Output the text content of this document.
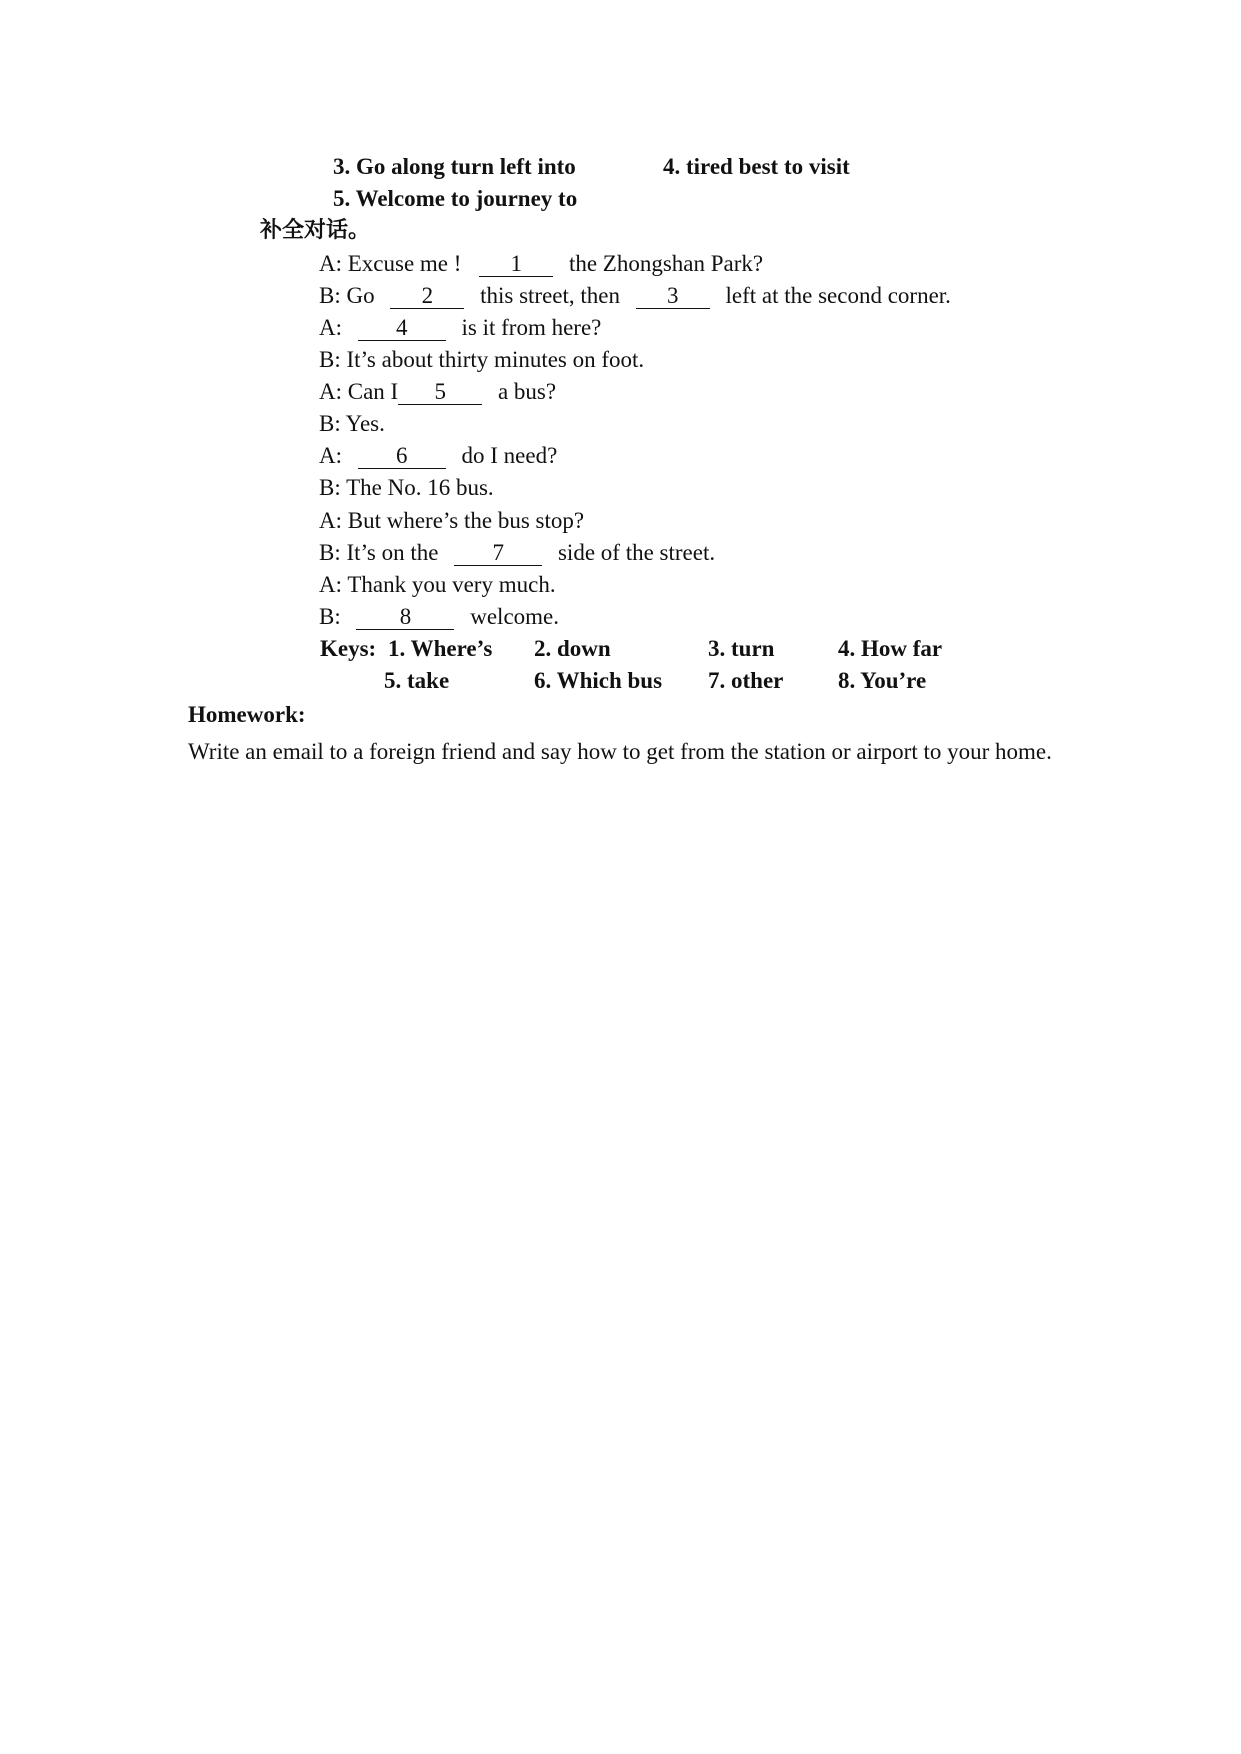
3. Go along turn left into	4. tired best to visit
5. Welcome to journey to
补全对话。
A: Excuse me ! 1 the Zhongshan Park?
B: Go 2 this street, then 3 left at the second corner.
A: 4 is it from here?
B: It’s about thirty minutes on foot.
A: Can I 5 a bus?
B: Yes.
A: 6 do I need?
B: The No. 16 bus.
A: But where’s the bus stop?
B: It’s on the 7 side of the street.
A: Thank you very much.
B:	8	welcome.
Keys: 1. Where’s 2. down	3. turn	4. How far
5. take	6. Which bus 7. other 8. You’re
Homework:
Write an email to a foreign friend and say how to get from the station or airport to your home.
